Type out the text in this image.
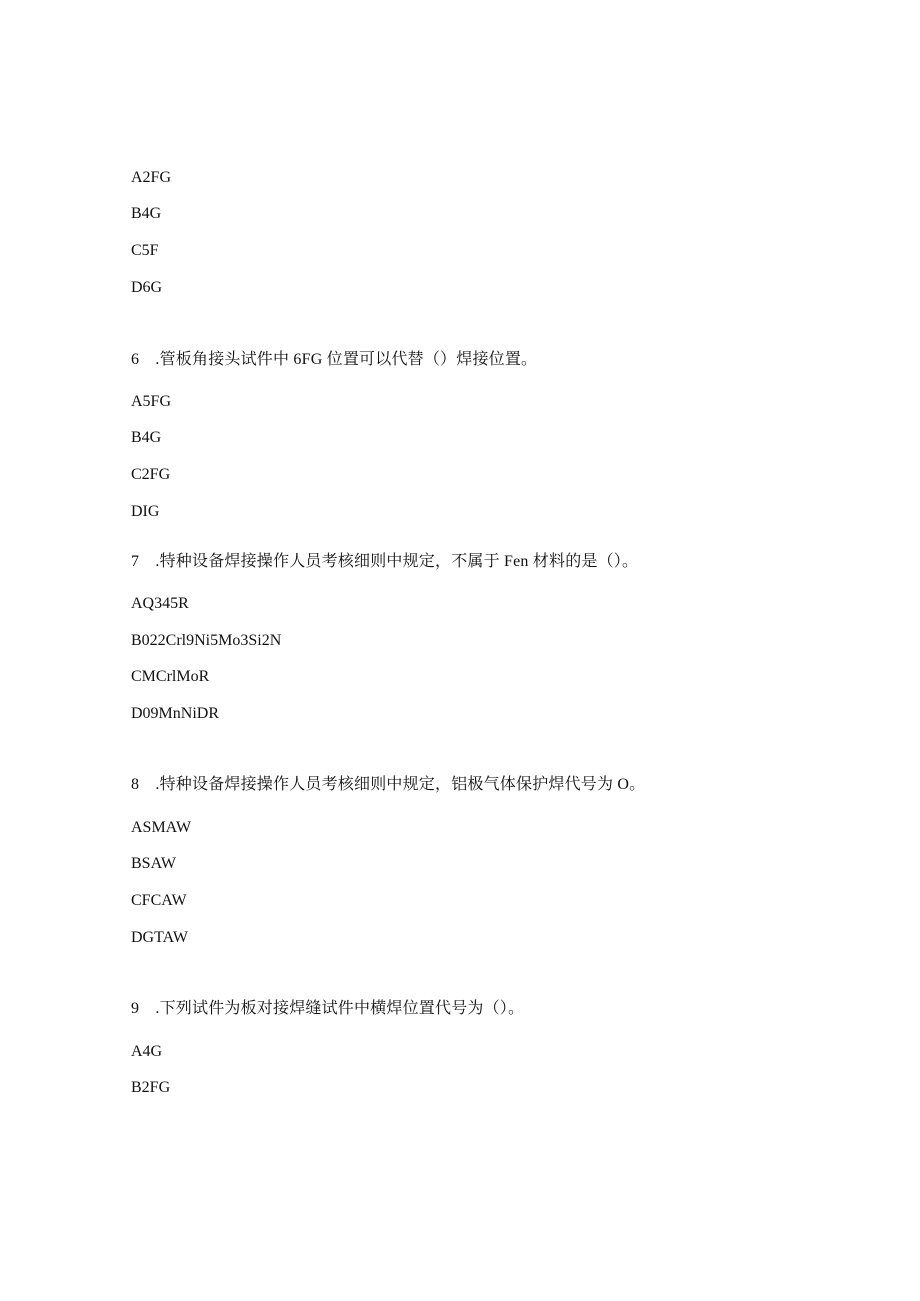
A2FG
B4G
C5F
D6G
6　.管板角接头试件中 6FG 位置可以代替（）焊接位置。
A5FG
B4G
C2FG
DIG
7　.特种设备焊接操作人员考核细则中规定，不属于 Fen 材料的是（）。
AQ345R
B022Crl9Ni5Mo3Si2N
CMCrlMoR
D09MnNiDR
8　.特种设备焊接操作人员考核细则中规定，铝极气体保护焊代号为 O。
ASMAW
BSAW
CFCAW
DGTAW
9　.下列试件为板对接焊缝试件中横焊位置代号为（）。
A4G
B2FG
